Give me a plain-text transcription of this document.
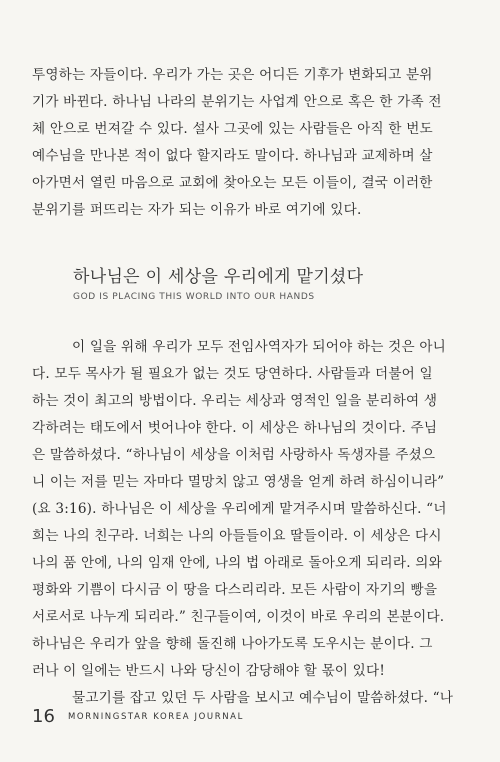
투영하는 자들이다. 우리가 가는 곳은 어디든 기후가 변화되고 분위
기가 바뀐다. 하나님 나라의 분위기는 사업계 안으로 혹은 한 가족 전
체 안으로 번져갈 수 있다. 설사 그곳에 있는 사람들은 아직 한 번도
예수님을 만나본 적이 없다 할지라도 말이다. 하나님과 교제하며 살
아가면서 열린 마음으로 교회에 찾아오는 모든 이들이, 결국 이러한
분위기를 퍼뜨리는 자가 되는 이유가 바로 여기에 있다.
하나님은 이 세상을 우리에게 맡기셨다
GOD IS PLACING THIS WORLD INTO OUR HANDS
이 일을 위해 우리가 모두 전임사역자가 되어야 하는 것은 아니
다. 모두 목사가 될 필요가 없는 것도 당연하다. 사람들과 더불어 일
하는 것이 최고의 방법이다. 우리는 세상과 영적인 일을 분리하여 생
각하려는 태도에서 벗어나야 한다. 이 세상은 하나님의 것이다. 주님
은 말씀하셨다. “하나님이 세상을 이처럼 사랑하사 독생자를 주셨으
니 이는 저를 믿는 자마다 멸망치 않고 영생을 얻게 하려 하심이니라”
(요 3:16). 하나님은 이 세상을 우리에게 맡겨주시며 말씀하신다. “너
희는 나의 친구라. 너희는 나의 아들들이요 딸들이라. 이 세상은 다시
나의 품 안에, 나의 임재 안에, 나의 법 아래로 돌아오게 되리라. 의와
평화와 기쁨이 다시금 이 땅을 다스리리라. 모든 사람이 자기의 빵을
서로서로 나누게 되리라.” 친구들이여, 이것이 바로 우리의 본분이다.
하나님은 우리가 앞을 향해 돌진해 나아가도록 도우시는 분이다. 그
러나 이 일에는 반드시 나와 당신이 감당해야 할 몫이 있다!
물고기를 잡고 있던 두 사람을 보시고 예수님이 말씀하셨다. “나
16 MORNINGSTAR KOREA JOURNAL
